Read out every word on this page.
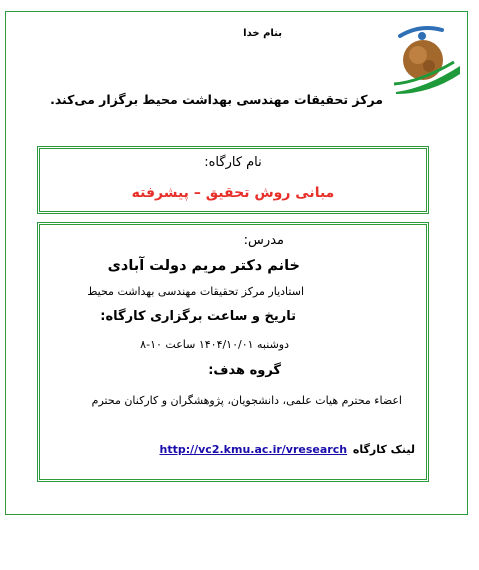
بنام خدا
مرکز تحقیقات مهندسی بهداشت محیط برگزار می‌کند.
نام کارگاه:
مبانی روش تحقیق – پیشرفته
مدرس:
خانم دکتر مریم دولت آبادی
استادیار مرکز تحقیقات مهندسی بهداشت محیط
تاریخ و ساعت برگزاری کارگاه:
دوشنبه ۱۴۰۴/۱۰/۰۱ ساعت ۱۰-۸
گروه هدف:
اعضاء محترم هیات علمی، دانشجویان، پژوهشگران و کارکنان محترم
لینک کارگاه http://vc2.kmu.ac.ir/vresearch
